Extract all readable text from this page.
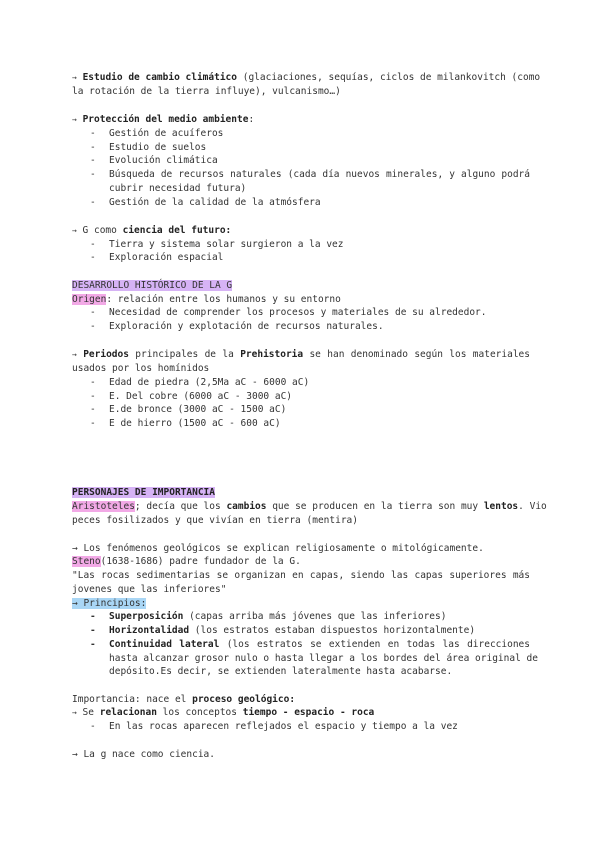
→ Estudio de cambio climático (glaciaciones, sequías, ciclos de milankovitch (como
la rotación de la tierra influye), vulcanismo…)
→ Protección del medio ambiente:
- Gestión de acuíferos
- Estudio de suelos
- Evolución climática
- Búsqueda de recursos naturales (cada día nuevos minerales, y alguno podrá
cubrir necesidad futura)
- Gestión de la calidad de la atmósfera
→ G como ciencia del futuro:
- Tierra y sistema solar surgieron a la vez
- Exploración espacial
DESARROLLO HISTÓRICO DE LA G
Origen: relación entre los humanos y su entorno
- Necesidad de comprender los procesos y materiales de su alrededor.
- Exploración y explotación de recursos naturales.
→ Periodos principales de la Prehistoria se han denominado según los materiales
usados por los homínidos
- Edad de piedra (2,5Ma aC - 6000 aC)
- E. Del cobre (6000 aC - 3000 aC)
- E.de bronce (3000 aC - 1500 aC)
- E de hierro (1500 aC - 600 aC)
PERSONAJES DE IMPORTANCIA
Aristoteles; decía que los cambios que se producen en la tierra son muy lentos. Vio
peces fosilizados y que vivían en tierra (mentira)
→ Los fenómenos geológicos se explican religiosamente o mitológicamente.
Steno(1638-1686) padre fundador de la G.
"Las rocas sedimentarias se organizan en capas, siendo las capas superiores más
jovenes que las inferiores"
→ Principios:
- Superposición (capas arriba más jóvenes que las inferiores)
- Horizontalidad (los estratos estaban dispuestos horizontalmente)
- Continuidad lateral (los estratos se extienden en todas las direcciones
hasta alcanzar grosor nulo o hasta llegar a los bordes del área original de
depósito.Es decir, se extienden lateralmente hasta acabarse.
Importancia: nace el proceso geológico:
→ Se relacionan los conceptos tiempo - espacio - roca
- En las rocas aparecen reflejados el espacio y tiempo a la vez
→ La g nace como ciencia.
